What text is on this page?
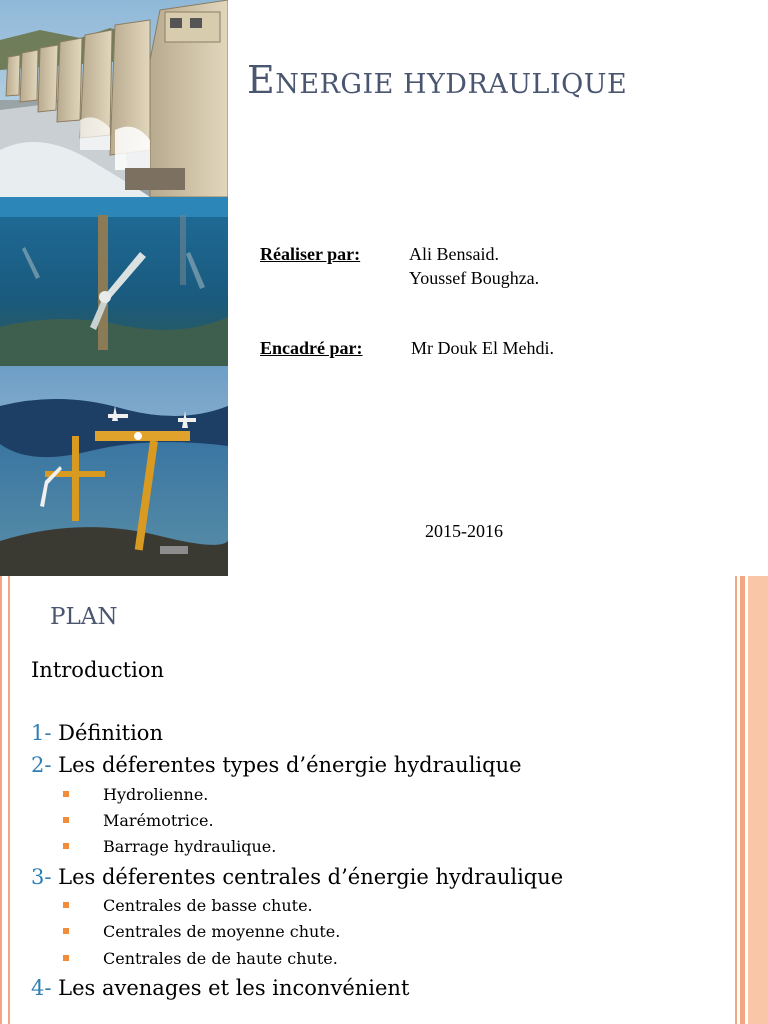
ENERGIE HYDRAULIQUE
Réaliser par:	Ali Bensaid.
Youssef Boughza.
Encadré par:	Mr Douk El Mehdi.
2015-2016
PLAN
Introduction
1- Définition
2- Les déferentes types d’énergie hydraulique
Hydrolienne.
Marémotrice.
Barrage hydraulique.
3- Les déferentes centrales d’énergie hydraulique
Centrales de basse chute.
Centrales de moyenne chute.
Centrales de de haute chute.
4- Les avenages et les inconvénient
